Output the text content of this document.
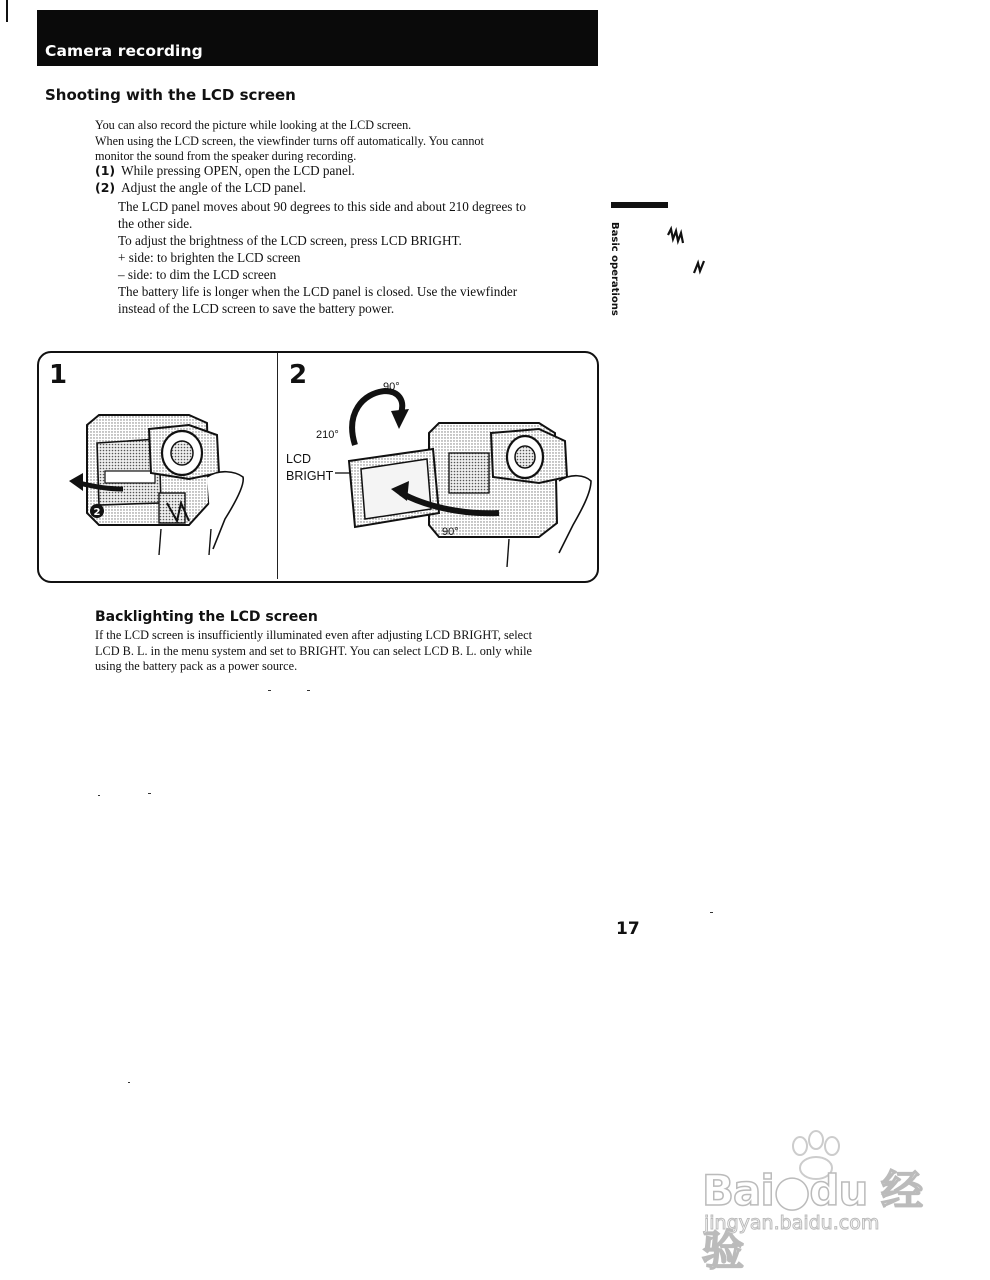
Camera recording
Shooting with the LCD screen
You can also record the picture while looking at the LCD screen.
When using the LCD screen, the viewfinder turns off automatically. You cannot
monitor the sound from the speaker during recording.
(1) While pressing OPEN, open the LCD panel.
(2) Adjust the angle of the LCD panel.
The LCD panel moves about 90 degrees to this side and about 210 degrees to
the other side.
To adjust the brightness of the LCD screen, press LCD BRIGHT.
+ side: to brighten the LCD screen
– side: to dim the LCD screen
The battery life is longer when the LCD panel is closed. Use the viewfinder
instead of the LCD screen to save the battery power.	Basic operations
2
1	2	90°
210°
LCD
BRIGHT
90°
Backlighting the LCD screen
If the LCD screen is insufficiently illuminated even after adjusting LCD BRIGHT, select
LCD B. L. in the menu system and set to BRIGHT. You can select LCD B. L. only while
using the battery pack as a power source.
17
Bai●du 经验
jingyan.baidu.com
